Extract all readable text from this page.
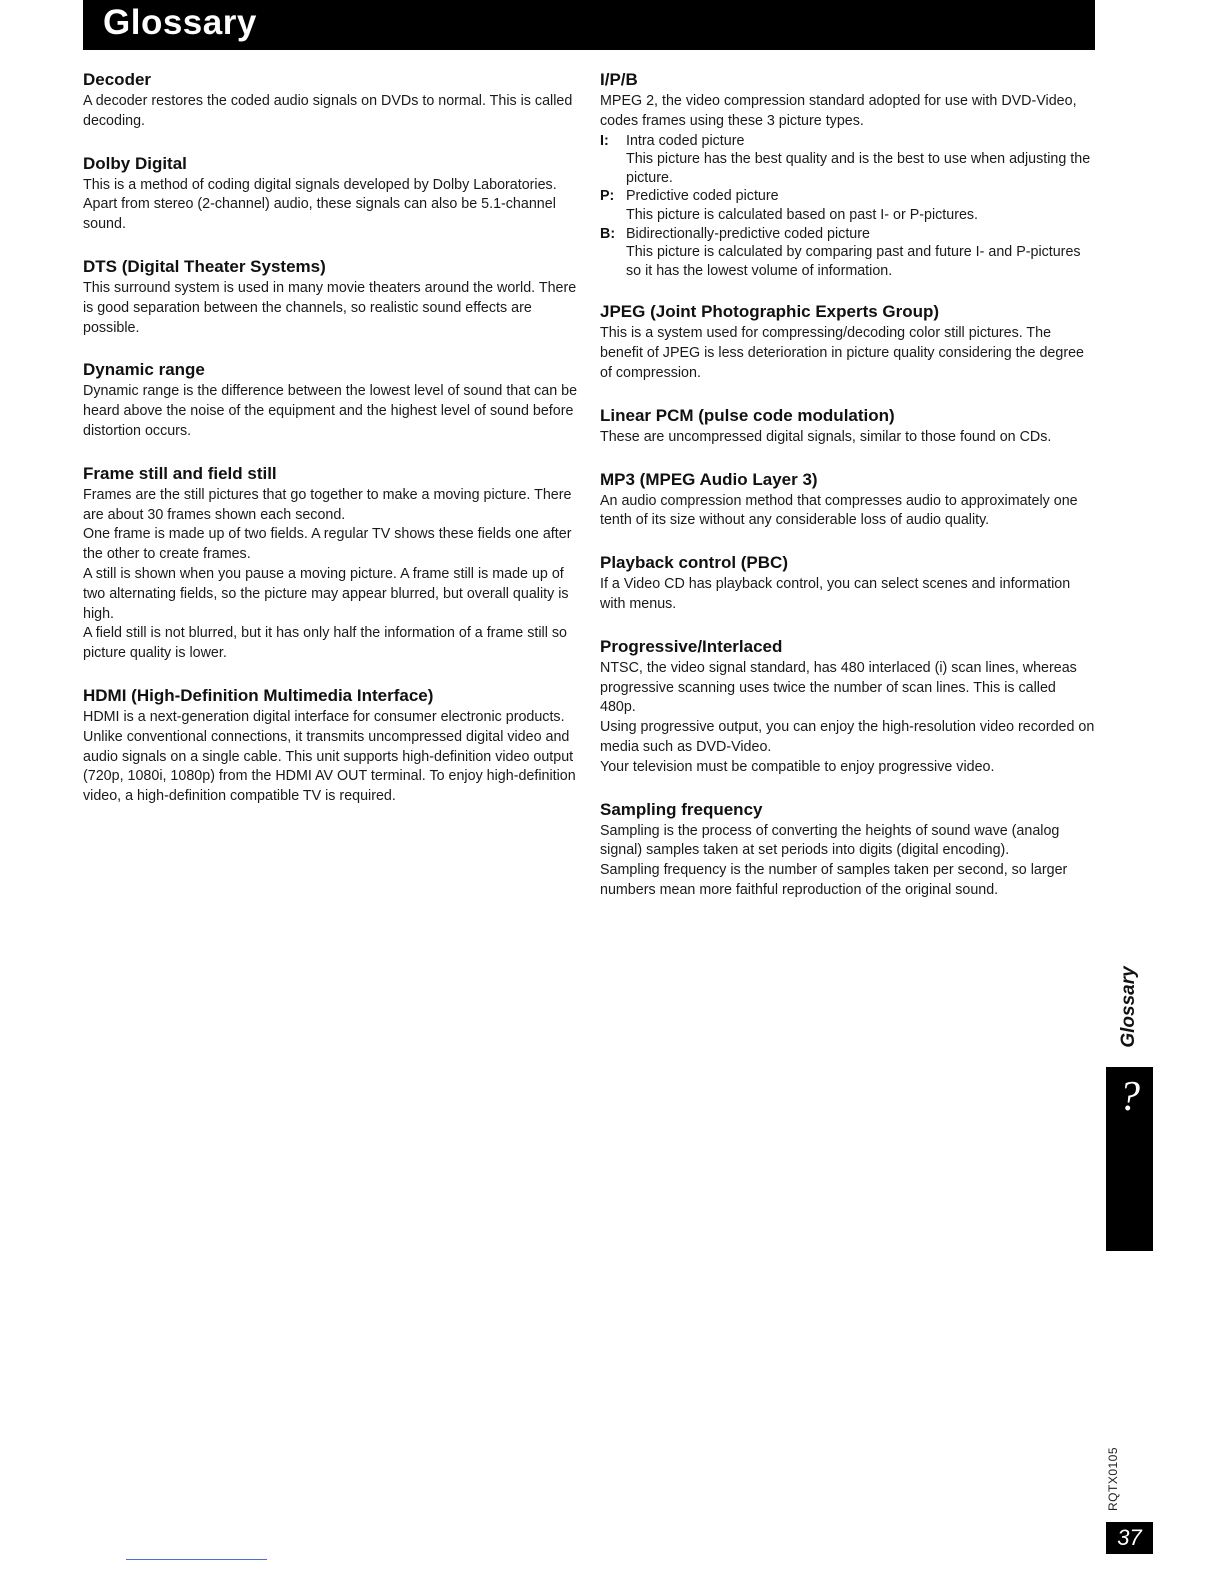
Glossary
Decoder

A decoder restores the coded audio signals on DVDs to normal. This is called decoding.

Dolby Digital

This is a method of coding digital signals developed by Dolby Laboratories. Apart from stereo (2-channel) audio, these signals can also be 5.1-channel sound.

DTS (Digital Theater Systems)

This surround system is used in many movie theaters around the world. There is good separation between the channels, so realistic sound effects are possible.

Dynamic range

Dynamic range is the difference between the lowest level of sound that can be heard above the noise of the equipment and the highest level of sound before distortion occurs.

Frame still and field still

Frames are the still pictures that go together to make a moving picture. There are about 30 frames shown each second.

One frame is made up of two fields. A regular TV shows these fields one after the other to create frames.

A still is shown when you pause a moving picture. A frame still is made up of two alternating fields, so the picture may appear blurred, but overall quality is high.

A field still is not blurred, but it has only half the information of a frame still so picture quality is lower.

HDMI (High-Definition Multimedia Interface)

HDMI is a next-generation digital interface for consumer electronic products. Unlike conventional connections, it transmits uncompressed digital video and audio signals on a single cable. This unit supports high-definition video output (720p, 1080i, 1080p) from the HDMI AV OUT terminal. To enjoy high-definition video, a high-definition compatible TV is required.

I/P/B

MPEG 2, the video compression standard adopted for use with DVD-Video, codes frames using these 3 picture types.

I:	Intra coded picture

This picture has the best quality and is the best to use when adjusting the picture.

P: Predictive coded picture

This picture is calculated based on past I- or P-pictures.

B: Bidirectionally-predictive coded picture

This picture is calculated by comparing past and future I- and P-pictures so it has the lowest volume of information.

JPEG (Joint Photographic Experts Group)

This is a system used for compressing/decoding color still pictures. The benefit of JPEG is less deterioration in picture quality considering the degree of compression.

Linear PCM (pulse code modulation)

These are uncompressed digital signals, similar to those found on CDs.

MP3 (MPEG Audio Layer 3)

An audio compression method that compresses audio to approximately one tenth of its size without any considerable loss of audio quality.

Playback control (PBC)

If a Video CD has playback control, you can select scenes and information with menus.

Progressive/Interlaced

NTSC, the video signal standard, has 480 interlaced (i) scan lines, whereas progressive scanning uses twice the number of scan lines. This is called 480p.

Using progressive output, you can enjoy the high-resolution video recorded on media such as DVD-Video.

Your television must be compatible to enjoy progressive video.

Sampling frequency

Sampling is the process of converting the heights of sound wave (analog signal) samples taken at set periods into digits (digital encoding).

Sampling frequency is the number of samples taken per second, so larger numbers mean more faithful reproduction of the original sound.

Glossary
?
RQTX0105
37
